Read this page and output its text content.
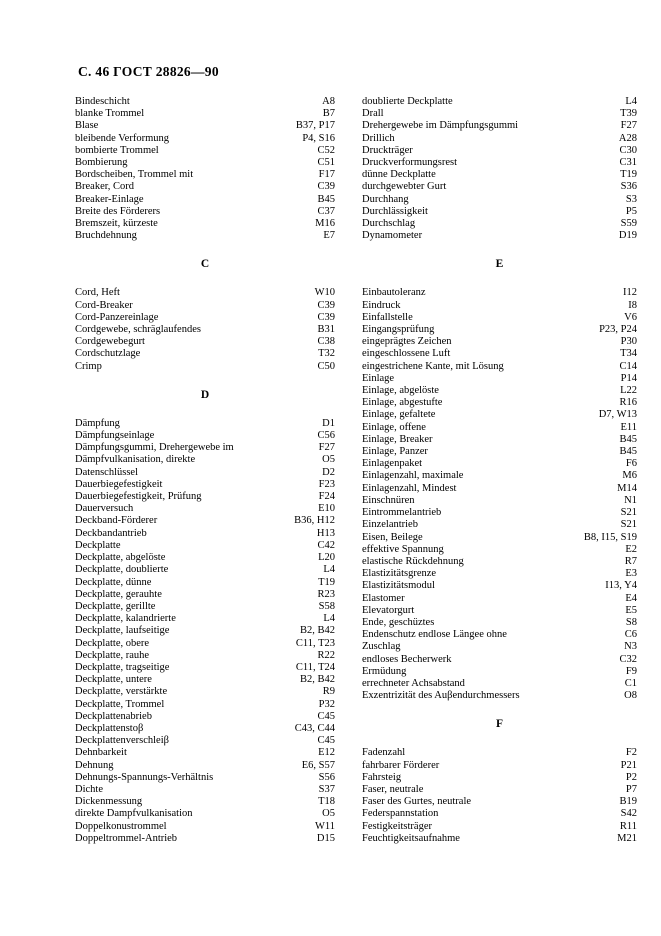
С. 46 ГОСТ 28826—90
Bindeschicht	A8
blanke Trommel	B7
Blase	B37, P17
bleibende Verformung	P4, S16
bombierte Trommel	C52
Bombierung	C51
Bordscheiben, Trommel mit	F17
Breaker, Cord	C39
Breaker-Einlage	B45
Breite des Förderers	C37
Bremszeit, kürzeste	M16
Bruchdehnung	E7
C
Cord, Heft	W10
Cord-Breaker	C39
Cord-Panzereinlage	C39
Cordgewebe, schräglaufendes	B31
Cordgewebegurt	C38
Cordschutzlage	T32
Crimp	C50
D
Dämpfung	D1
Dämpfungseinlage	C56
Dämpfungsgummi, Drehergewebe im	F27
Dämpfvulkanisation, direkte	O5
Datenschlüssel	D2
Dauerbiegefestigkeit	F23
Dauerbiegefestigkeit, Prüfung	F24
Dauerversuch	E10
Deckband-Förderer	B36, H12
Deckbandantrieb	H13
Deckplatte	C42
Deckplatte, abgelöste	L20
Deckplatte, doublierte	L4
Deckplatte, dünne	T19
Deckplatte, gerauhte	R23
Deckplatte, gerillte	S58
Deckplatte, kalandrierte	L4
Deckplatte, laufseitige	B2, B42
Deckplatte, obere	C11, T23
Deckplatte, rauhe	R22
Deckplatte, tragseitige	C11, T24
Deckplatte, untere	B2, B42
Deckplatte, verstärkte	R9
Deckplatte, Trommel	P32
Deckplattenabrieb	C45
Deckplattenstoβ	C43, C44
Deckplattenverschleiβ	C45
Dehnbarkeit	E12
Dehnung	E6, S57
Dehnungs-Spannungs-Verhältnis	S56
Dichte	S37
Dickenmessung	T18
direkte Dampfvulkanisation	O5
Doppelkonustrommel	W11
Doppeltrommel-Antrieb	D15
doublierte Deckplatte	L4
Drall	T39
Drehergewebe im Dämpfungsgummi	F27
Drillich	A28
Druckträger	C30
Druckverformungsrest	C31
dünne Deckplatte	T19
durchgewebter Gurt	S36
Durchhang	S3
Durchlässigkeit	P5
Durchschlag	S59
Dynamometer	D19
E
Einbautoleranz	I12
Eindruck	I8
Einfallstelle	V6
Eingangsprüfung	P23, P24
eingeprägtes Zeichen	P30
eingeschlossene Luft	T34
eingestrichene Kante, mit Lösung	C14
Einlage	P14
Einlage, abgelöste	L22
Einlage, abgestufte	R16
Einlage, gefaltete	D7, W13
Einlage, offene	E11
Einlage, Breaker	B45
Einlage, Panzer	B45
Einlagenpaket	F6
Einlagenzahl, maximale	M6
Einlagenzahl, Mindest	M14
Einschnüren	N1
Eintrommelantrieb	S21
Einzelantrieb	S21
Eisen, Beilege	B8, I15, S19
effektive Spannung	E2
elastische Rückdehnung	R7
Elastizitätsgrenze	E3
Elastizitätsmodul	I13, Y4
Elastomer	E4
Elevatorgurt	E5
Ende, geschüztes	S8
Endenschutz endlose Längee ohne	C6
Zuschlag	N3
endloses Becherwerk	C32
Ermüdung	F9
errechneter Achsabstand	C1
Exzentrizität des Auβendurchmessers	O8
F
Fadenzahl	F2
fahrbarer Förderer	P21
Fahrsteig	P2
Faser, neutrale	P7
Faser des Gurtes, neutrale	B19
Federspannstation	S42
Festigkeitsträger	R11
Feuchtigkeitsaufnahme	M21
